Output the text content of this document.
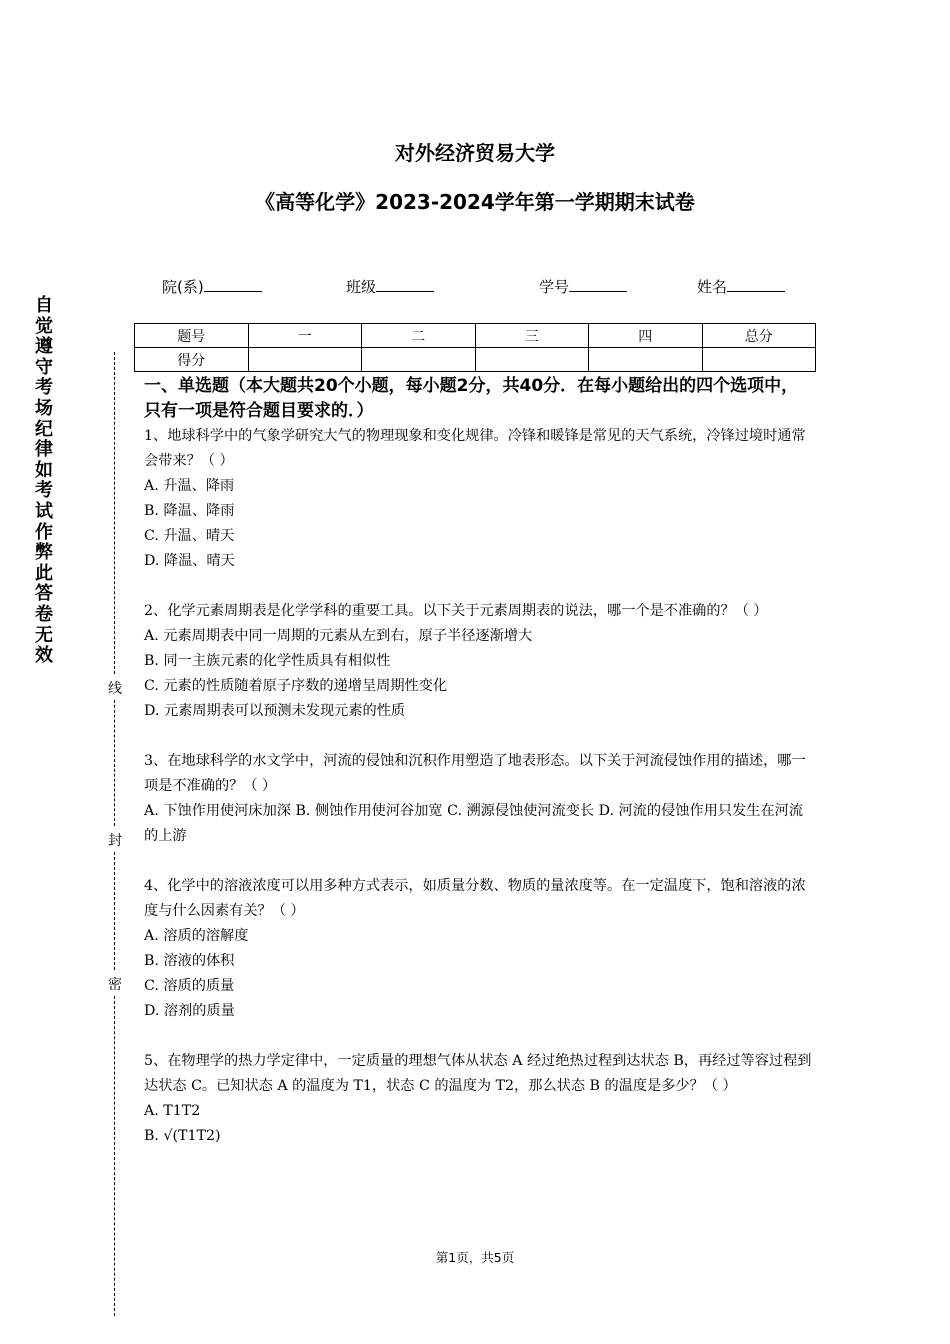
对外经济贸易大学
《高等化学》2023-2024学年第一学期期末试卷
院(系)	班级	学号	姓名
题号	一	二	三	四	总分
得分					
自
觉
遵
守
考
场
纪
律
如
考
试
作
弊
此
答
卷
无
效
线
封
密
一、单选题（本大题共20个小题，每小题2分，共40分．在每小题给出的四个选项中，只有一项是符合题目要求的．）

1、地球科学中的气象学研究大气的物理现象和变化规律。冷锋和暖锋是常见的天气系统，冷锋过境时通常会带来？（ ）

A. 升温、降雨

B. 降温、降雨

C. 升温、晴天

D. 降温、晴天

2、化学元素周期表是化学学科的重要工具。以下关于元素周期表的说法，哪一个是不准确的？（ ）

A. 元素周期表中同一周期的元素从左到右，原子半径逐渐增大

B. 同一主族元素的化学性质具有相似性

C. 元素的性质随着原子序数的递增呈周期性变化

D. 元素周期表可以预测未发现元素的性质

3、在地球科学的水文学中，河流的侵蚀和沉积作用塑造了地表形态。以下关于河流侵蚀作用的描述，哪一项是不准确的？（ ）

A. 下蚀作用使河床加深 B. 侧蚀作用使河谷加宽 C. 溯源侵蚀使河流变长 D. 河流的侵蚀作用只发生在河流的上游

4、化学中的溶液浓度可以用多种方式表示，如质量分数、物质的量浓度等。在一定温度下，饱和溶液的浓度与什么因素有关？（ ）

A. 溶质的溶解度

B. 溶液的体积

C. 溶质的质量

D. 溶剂的质量

5、在物理学的热力学定律中，一定质量的理想气体从状态 A 经过绝热过程到达状态 B，再经过等容过程到达状态 C。已知状态 A 的温度为 T1，状态 C 的温度为 T2，那么状态 B 的温度是多少？（ ）

A. T1T2

B. √(T1T2)

第1页，共5页
